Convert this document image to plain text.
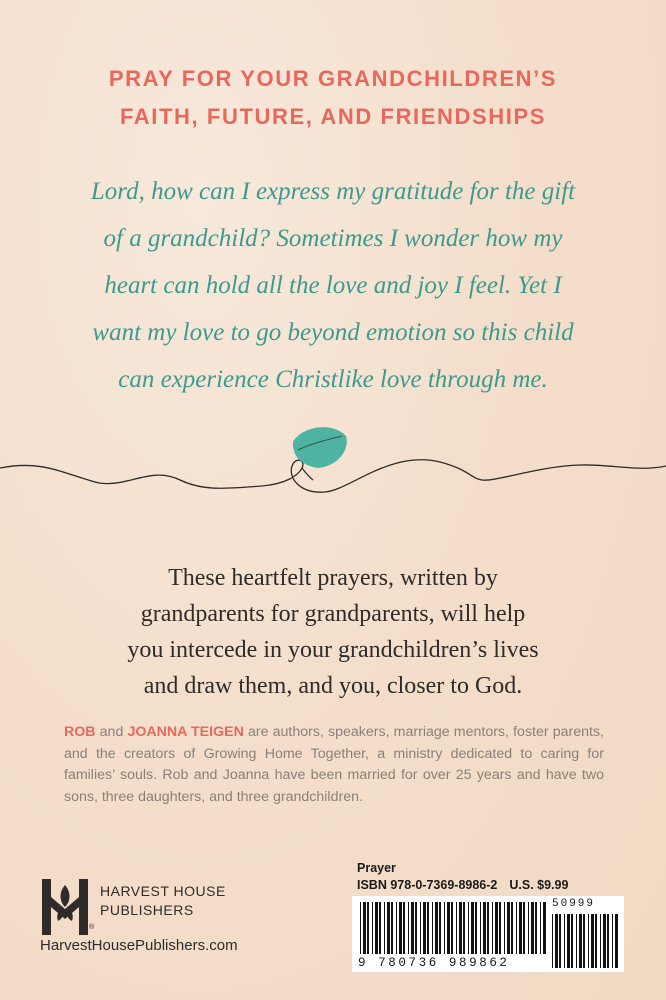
PRAY FOR YOUR GRANDCHILDREN’S
FAITH, FUTURE, AND FRIENDSHIPS

Lord, how can I express my gratitude for the gift
of a grandchild? Sometimes I wonder how my
heart can hold all the love and joy I feel. Yet I
want my love to go beyond emotion so this child
can experience Christlike love through me.

These heartfelt prayers, written by
grandparents for grandparents, will help
you intercede in your grandchildren’s lives
and draw them, and you, closer to God.

ROB and JOANNA TEIGEN are authors, speakers, marriage mentors, foster parents, and the creators of Growing Home Together, a ministry dedicated to caring for families’ souls. Rob and Joanna have been married for over 25 years and have two sons, three daughters, and three grandchildren.

HARVEST HOUSE
PUBLISHERS

®

HarvestHousePublishers.com

Prayer

ISBN 978-0-7369-8986-2 U.S. $9.99

9 780736 989862

50999
